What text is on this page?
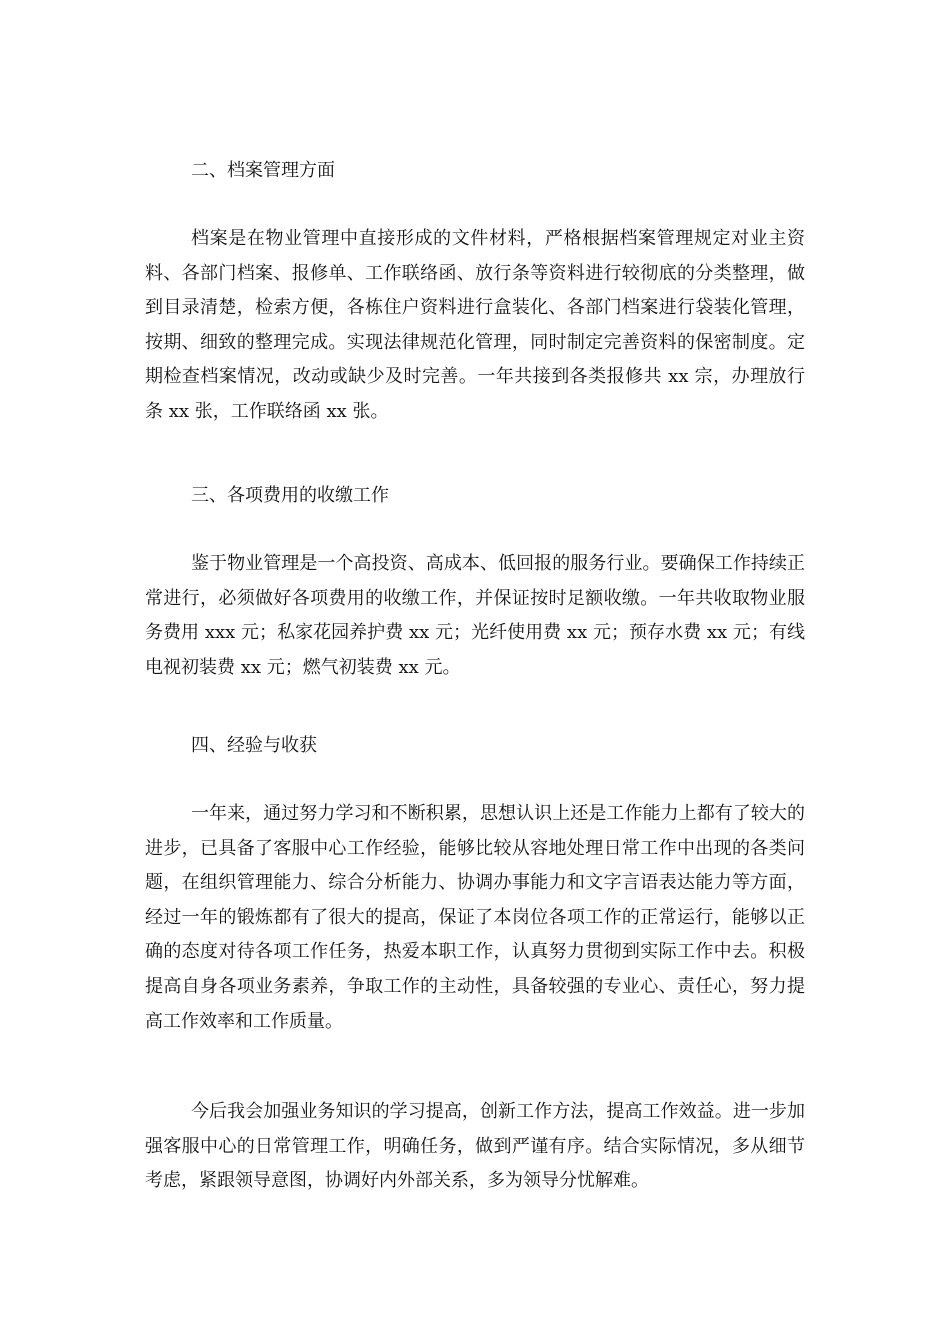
二、档案管理方面

档案是在物业管理中直接形成的文件材料，严格根据档案管理规定对业主资料、各部门档案、报修单、工作联络函、放行条等资料进行较彻底的分类整理，做到目录清楚，检索方便，各栋住户资料进行盒装化、各部门档案进行袋装化管理，按期、细致的整理完成。实现法律规范化管理，同时制定完善资料的保密制度。定期检查档案情况，改动或缺少及时完善。一年共接到各类报修共 xx 宗，办理放行条 xx 张，工作联络函 xx 张。

三、各项费用的收缴工作

鉴于物业管理是一个高投资、高成本、低回报的服务行业。要确保工作持续正常进行，必须做好各项费用的收缴工作，并保证按时足额收缴。一年共收取物业服务费用 xxx 元；私家花园养护费 xx 元；光纤使用费 xx 元；预存水费 xx 元；有线电视初装费 xx 元；燃气初装费 xx 元。

四、经验与收获

一年来，通过努力学习和不断积累，思想认识上还是工作能力上都有了较大的进步，已具备了客服中心工作经验，能够比较从容地处理日常工作中出现的各类问题，在组织管理能力、综合分析能力、协调办事能力和文字言语表达能力等方面，经过一年的锻炼都有了很大的提高，保证了本岗位各项工作的正常运行，能够以正确的态度对待各项工作任务，热爱本职工作，认真努力贯彻到实际工作中去。积极提高自身各项业务素养，争取工作的主动性，具备较强的专业心、责任心，努力提高工作效率和工作质量。

今后我会加强业务知识的学习提高，创新工作方法，提高工作效益。进一步加强客服中心的日常管理工作，明确任务，做到严谨有序。结合实际情况，多从细节考虑，紧跟领导意图，协调好内外部关系，多为领导分忧解难。
